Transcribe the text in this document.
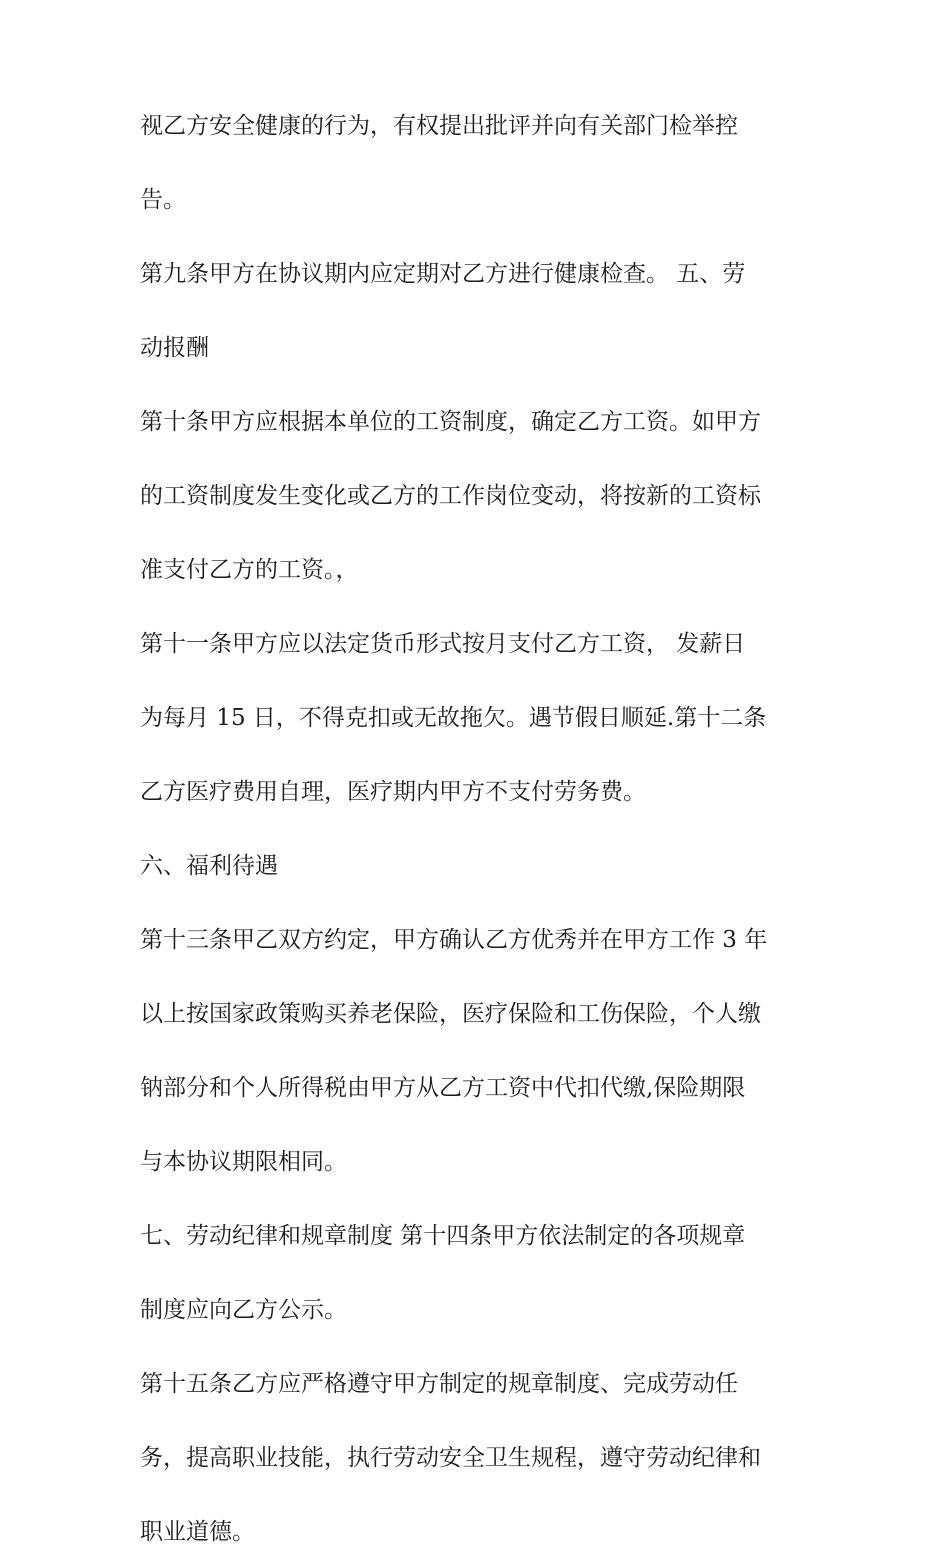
视乙方安全健康的行为，有权提出批评并向有关部门检举控
告。
第九条甲方在协议期内应定期对乙方进行健康检查。 五、劳
动报酬
第十条甲方应根据本单位的工资制度，确定乙方工资。如甲方
的工资制度发生变化或乙方的工作岗位变动，将按新的工资标
准支付乙方的工资。，
第十一条甲方应以法定货币形式按月支付乙方工资， 发薪日
为每月 15 日，不得克扣或无故拖欠。遇节假日顺延.第十二条
乙方医疗费用自理，医疗期内甲方不支付劳务费。
六、福利待遇
第十三条甲乙双方约定，甲方确认乙方优秀并在甲方工作 3 年
以上按国家政策购买养老保险，医疗保险和工伤保险，个人缴
钠部分和个人所得税由甲方从乙方工资中代扣代缴,保险期限
与本协议期限相同。
七、劳动纪律和规章制度 第十四条甲方依法制定的各项规章
制度应向乙方公示。
第十五条乙方应严格遵守甲方制定的规章制度、完成劳动任
务，提高职业技能，执行劳动安全卫生规程，遵守劳动纪律和
职业道德。
